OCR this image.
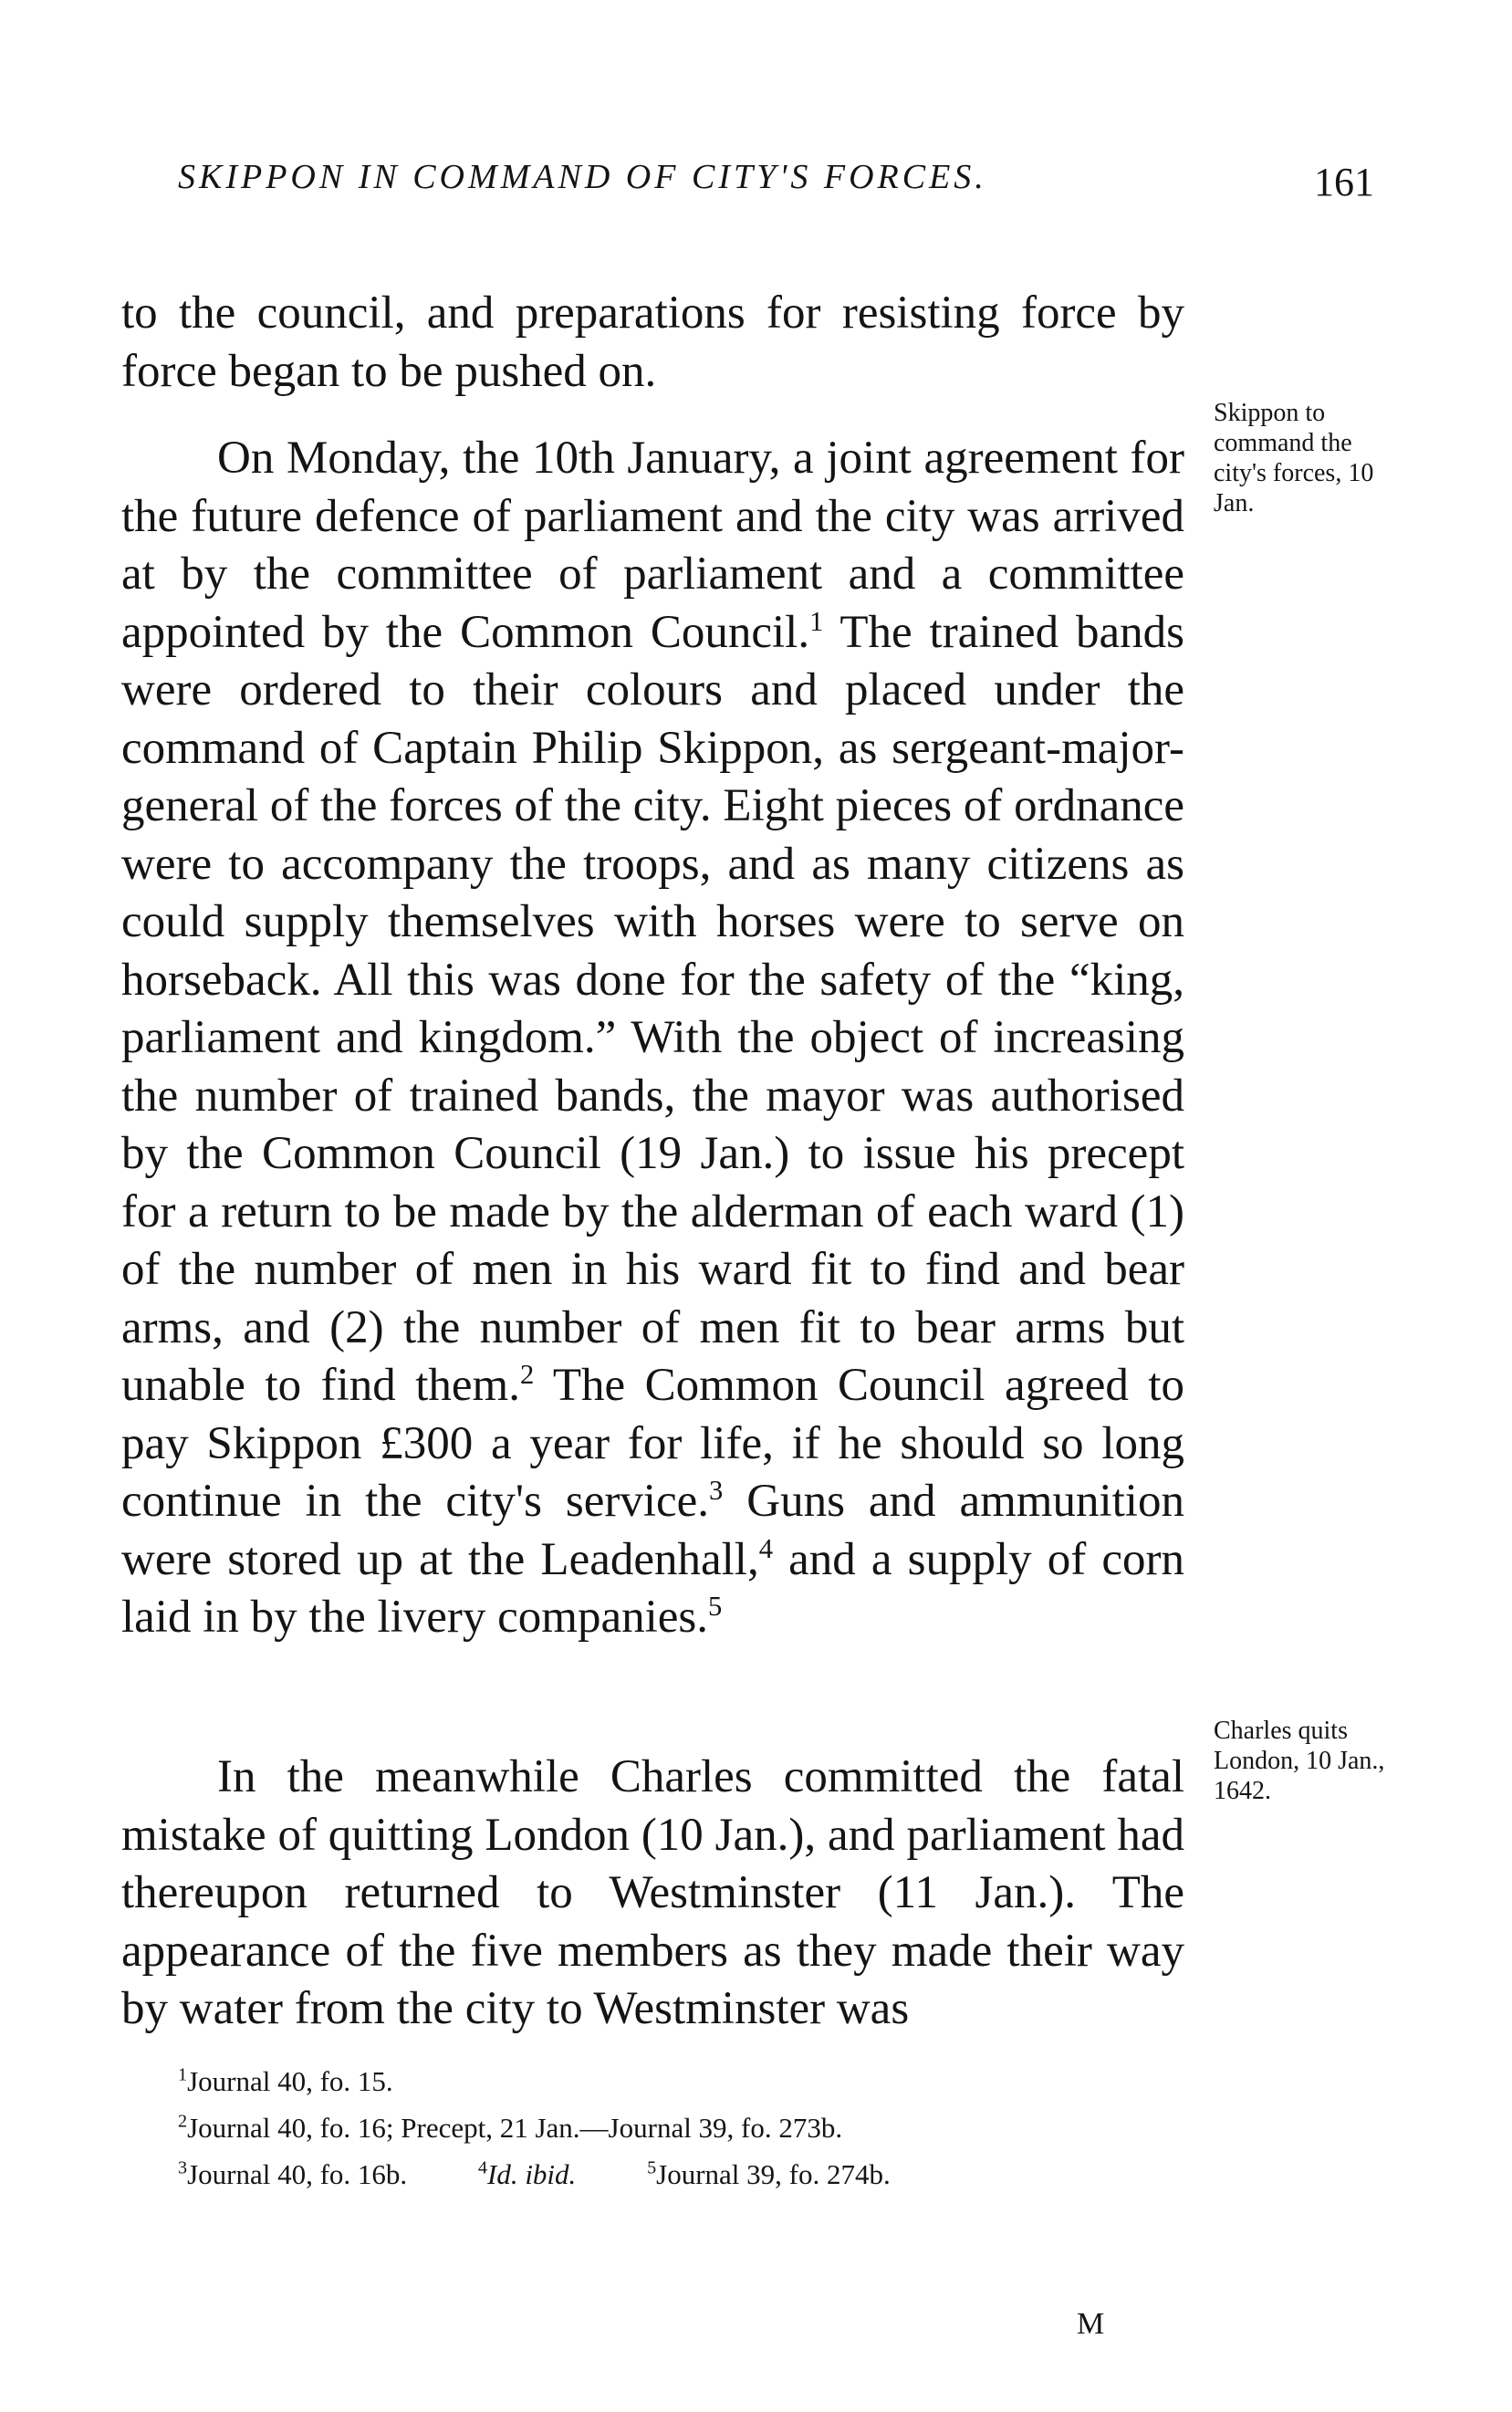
SKIPPON IN COMMAND OF CITY'S FORCES.	161

to the council, and preparations for resisting force by force began to be pushed on.

On Monday, the 10th January, a joint agreement for the future defence of parliament and the city was arrived at by the committee of parliament and a committee appointed by the Common Council.$^1$ The trained bands were ordered to their colours and placed under the command of Captain Philip Skippon, as sergeant-major-general of the forces of the city. Eight pieces of ordnance were to accompany the troops, and as many citizens as could supply themselves with horses were to serve on horseback. All this was done for the safety of the “king, parliament and kingdom.” With the object of increasing the number of trained bands, the mayor was authorised by the Common Council (19 Jan.) to issue his precept for a return to be made by the alderman of each ward (1) of the number of men in his ward fit to find and bear arms, and (2) the number of men fit to bear arms but unable to find them.$^2$ The Common Council agreed to pay Skippon £300 a year for life, if he should so long continue in the city's service.$^3$ Guns and ammunition were stored up at the Leadenhall,$^4$ and a supply of corn laid in by the livery companies.$^5$

In the meanwhile Charles committed the fatal mistake of quitting London (10 Jan.), and parliament had thereupon returned to Westminster (11 Jan.). The appearance of the five members as they made their way by water from the city to Westminster was

Skippon to command the city's forces, 10 Jan.
Charles quits London, 10 Jan., 1642.
$^1$Journal 40, fo. 15.
$^2$Journal 40, fo. 16; Precept, 21 Jan.—Journal 39, fo. 273b.
$^3$Journal 40, fo. 16b.	$^4$Id. ibid.	$^5$Journal 39, fo. 274b.
M
